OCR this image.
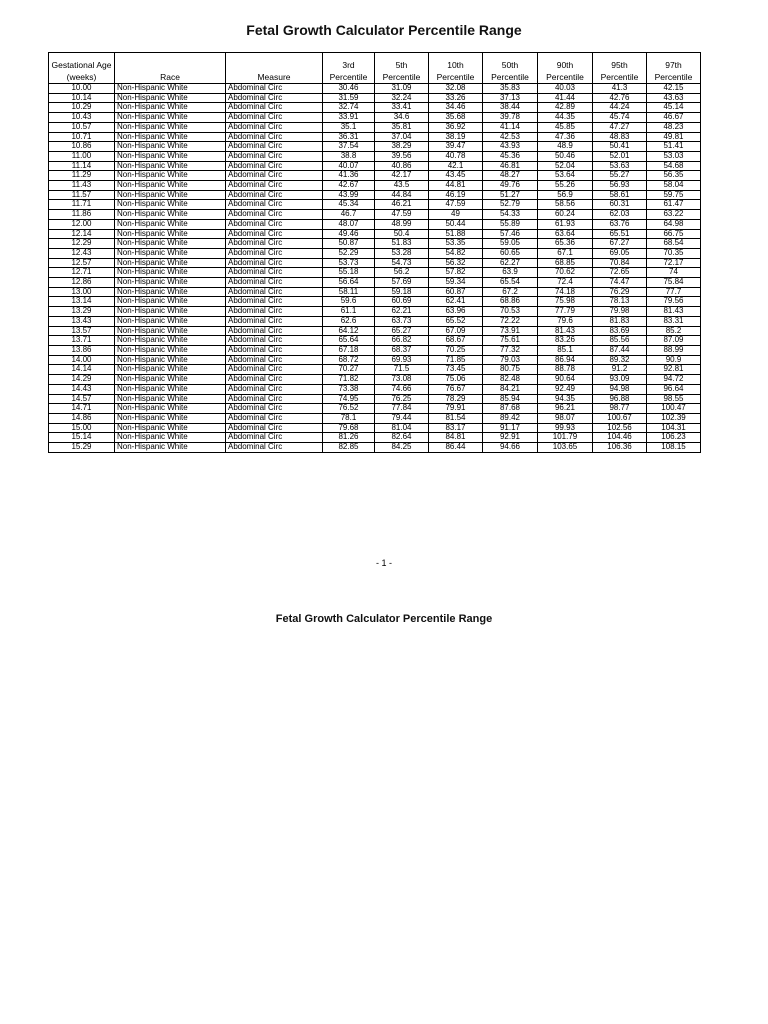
Fetal Growth Calculator Percentile Range
Gestational Age (weeks)	Race	Measure	3rd Percentile	5th Percentile	10th Percentile	50th Percentile	90th Percentile	95th Percentile	97th Percentile
10.00	Non-Hispanic White	Abdominal Circ	30.46	31.09	32.08	35.83	40.03	41.3	42.15
10.14	Non-Hispanic White	Abdominal Circ	31.59	32.24	33.26	37.13	41.44	42.76	43.63
10.29	Non-Hispanic White	Abdominal Circ	32.74	33.41	34.46	38.44	42.89	44.24	45.14
10.43	Non-Hispanic White	Abdominal Circ	33.91	34.6	35.68	39.78	44.35	45.74	46.67
10.57	Non-Hispanic White	Abdominal Circ	35.1	35.81	36.92	41.14	45.85	47.27	48.23
10.71	Non-Hispanic White	Abdominal Circ	36.31	37.04	38.19	42.53	47.36	48.83	49.81
10.86	Non-Hispanic White	Abdominal Circ	37.54	38.29	39.47	43.93	48.9	50.41	51.41
11.00	Non-Hispanic White	Abdominal Circ	38.8	39.56	40.78	45.36	50.46	52.01	53.03
11.14	Non-Hispanic White	Abdominal Circ	40.07	40.86	42.1	46.81	52.04	53.63	54.68
11.29	Non-Hispanic White	Abdominal Circ	41.36	42.17	43.45	48.27	53.64	55.27	56.35
11.43	Non-Hispanic White	Abdominal Circ	42.67	43.5	44.81	49.76	55.26	56.93	58.04
11.57	Non-Hispanic White	Abdominal Circ	43.99	44.84	46.19	51.27	56.9	58.61	59.75
11.71	Non-Hispanic White	Abdominal Circ	45.34	46.21	47.59	52.79	58.56	60.31	61.47
11.86	Non-Hispanic White	Abdominal Circ	46.7	47.59	49	54.33	60.24	62.03	63.22
12.00	Non-Hispanic White	Abdominal Circ	48.07	48.99	50.44	55.89	61.93	63.76	64.98
12.14	Non-Hispanic White	Abdominal Circ	49.46	50.4	51.88	57.46	63.64	65.51	66.75
12.29	Non-Hispanic White	Abdominal Circ	50.87	51.83	53.35	59.05	65.36	67.27	68.54
12.43	Non-Hispanic White	Abdominal Circ	52.29	53.28	54.82	60.65	67.1	69.05	70.35
12.57	Non-Hispanic White	Abdominal Circ	53.73	54.73	56.32	62.27	68.85	70.84	72.17
12.71	Non-Hispanic White	Abdominal Circ	55.18	56.2	57.82	63.9	70.62	72.65	74
12.86	Non-Hispanic White	Abdominal Circ	56.64	57.69	59.34	65.54	72.4	74.47	75.84
13.00	Non-Hispanic White	Abdominal Circ	58.11	59.18	60.87	67.2	74.18	76.29	77.7
13.14	Non-Hispanic White	Abdominal Circ	59.6	60.69	62.41	68.86	75.98	78.13	79.56
13.29	Non-Hispanic White	Abdominal Circ	61.1	62.21	63.96	70.53	77.79	79.98	81.43
13.43	Non-Hispanic White	Abdominal Circ	62.6	63.73	65.52	72.22	79.6	81.83	83.31
13.57	Non-Hispanic White	Abdominal Circ	64.12	65.27	67.09	73.91	81.43	83.69	85.2
13.71	Non-Hispanic White	Abdominal Circ	65.64	66.82	68.67	75.61	83.26	85.56	87.09
13.86	Non-Hispanic White	Abdominal Circ	67.18	68.37	70.25	77.32	85.1	87.44	88.99
14.00	Non-Hispanic White	Abdominal Circ	68.72	69.93	71.85	79.03	86.94	89.32	90.9
14.14	Non-Hispanic White	Abdominal Circ	70.27	71.5	73.45	80.75	88.78	91.2	92.81
14.29	Non-Hispanic White	Abdominal Circ	71.82	73.08	75.06	82.48	90.64	93.09	94.72
14.43	Non-Hispanic White	Abdominal Circ	73.38	74.66	76.67	84.21	92.49	94.98	96.64
14.57	Non-Hispanic White	Abdominal Circ	74.95	76.25	78.29	85.94	94.35	96.88	98.55
14.71	Non-Hispanic White	Abdominal Circ	76.52	77.84	79.91	87.68	96.21	98.77	100.47
14.86	Non-Hispanic White	Abdominal Circ	78.1	79.44	81.54	89.42	98.07	100.67	102.39
15.00	Non-Hispanic White	Abdominal Circ	79.68	81.04	83.17	91.17	99.93	102.56	104.31
15.14	Non-Hispanic White	Abdominal Circ	81.26	82.64	84.81	92.91	101.79	104.46	106.23
15.29	Non-Hispanic White	Abdominal Circ	82.85	84.25	86.44	94.66	103.65	106.36	108.15
- 1 -
Fetal Growth Calculator Percentile Range
